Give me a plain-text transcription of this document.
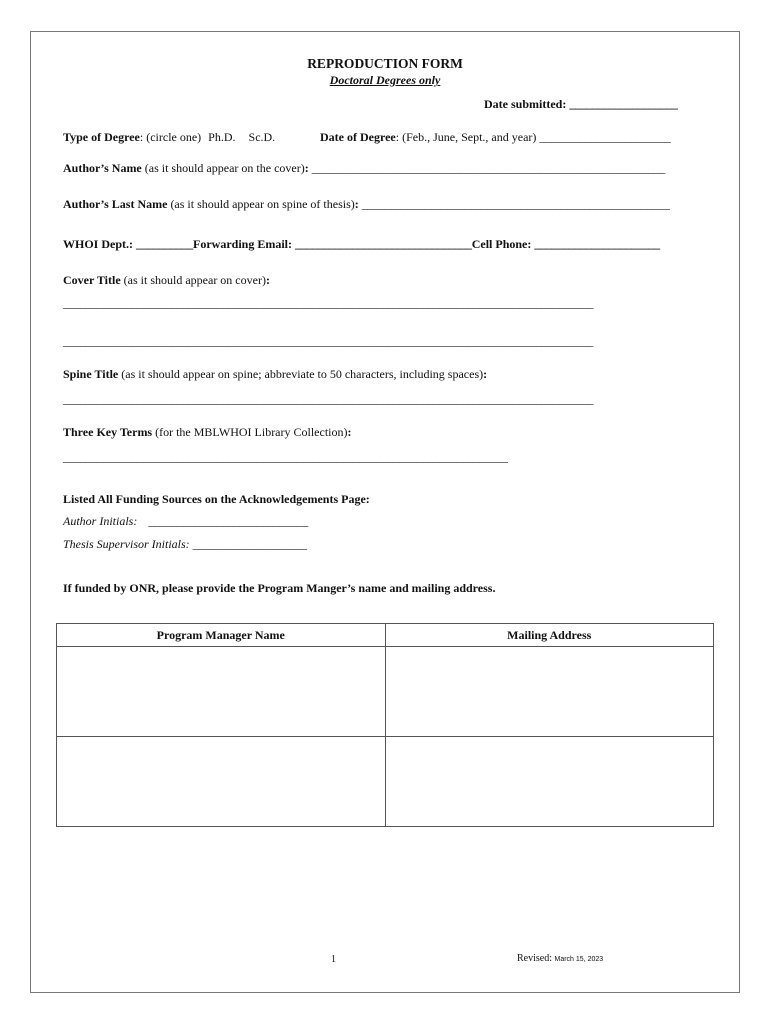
REPRODUCTION FORM
Doctoral Degrees only
Date submitted: ___________________
Type of Degree: (circle one) Ph.D. Sc.D.	Date of Degree: (Feb., June, Sept., and year) _______________________
Author’s Name (as it should appear on the cover): ______________________________________________________________
Author’s Last Name (as it should appear on spine of thesis): ______________________________________________________
WHOI Dept.: __________Forwarding Email: _______________________________Cell Phone: ______________________
Cover Title (as it should appear on cover):
_____________________________________________________________________________________________
_____________________________________________________________________________________________
Spine Title (as it should appear on spine; abbreviate to 50 characters, including spaces):
_____________________________________________________________________________________________
Three Key Terms (for the MBLWHOI Library Collection):
______________________________________________________________________________
Listed All Funding Sources on the Acknowledgements Page:
Author Initials: ____________________________
Thesis Supervisor Initials: ____________________
If funded by ONR, please provide the Program Manger’s name and mailing address.
Program Manager Name	Mailing Address

1	Revised: March 15, 2023
